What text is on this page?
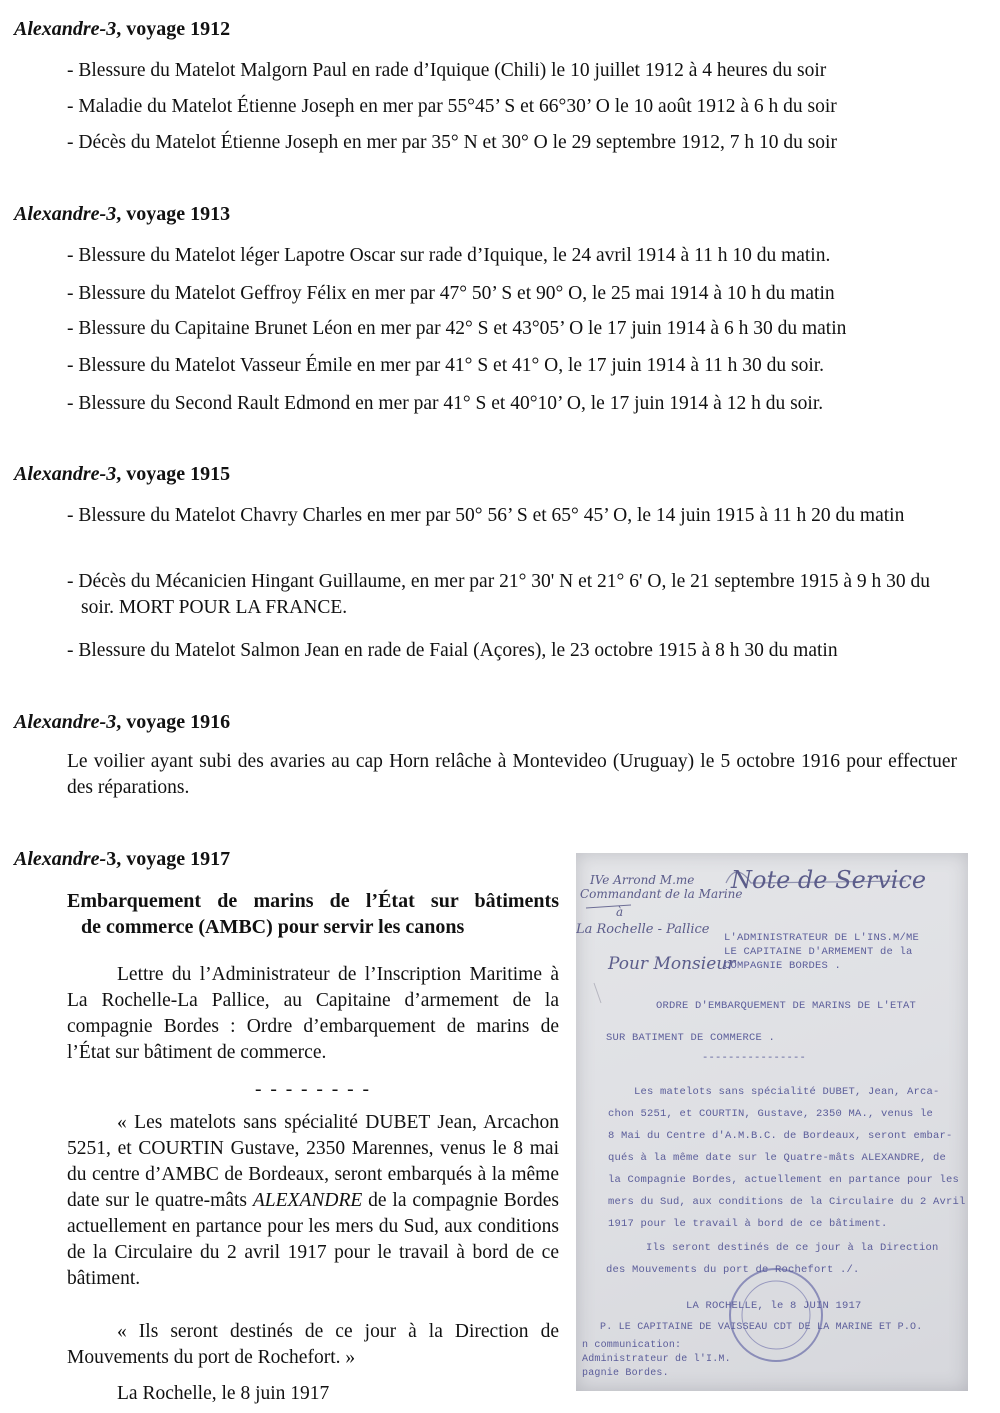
Alexandre-3, voyage 1912
- Blessure du Matelot Malgorn Paul en rade d’Iquique (Chili) le 10 juillet 1912 à 4 heures du soir
- Maladie du Matelot Étienne Joseph en mer par 55°45’ S et 66°30’ O le 10 août 1912 à 6 h du soir
- Décès du Matelot Étienne Joseph en mer par 35° N et 30° O le 29 septembre 1912, 7 h 10 du soir
Alexandre-3, voyage 1913
- Blessure du Matelot léger Lapotre Oscar sur rade d’Iquique, le 24 avril 1914 à 11 h 10 du matin.
- Blessure du Matelot Geffroy Félix en mer par 47° 50’ S et 90° O, le 25 mai 1914 à 10 h du matin
- Blessure du Capitaine Brunet Léon en mer par 42° S et 43°05’ O le 17 juin 1914 à 6 h 30 du matin
- Blessure du Matelot Vasseur Émile en mer par 41° S et 41° O, le 17 juin 1914 à 11 h 30 du soir.
- Blessure du Second Rault Edmond en mer par 41° S et 40°10’ O, le 17 juin 1914 à 12 h du soir.
Alexandre-3, voyage 1915
- Blessure du Matelot Chavry Charles en mer par 50° 56’ S et 65° 45’ O, le 14 juin 1915 à 11 h 20 du matin
- Décès du Mécanicien Hingant Guillaume, en mer par 21° 30' N et 21° 6' O, le 21 septembre 1915 à 9 h 30 du soir. MORT POUR LA FRANCE.
- Blessure du Matelot Salmon Jean en rade de Faial (Açores), le 23 octobre 1915 à 8 h 30 du matin
Alexandre-3, voyage 1916
Le voilier ayant subi des avaries au cap Horn relâche à Montevideo (Uruguay) le 5 octobre 1916 pour effectuer des réparations.
Alexandre-3, voyage 1917
Embarquement de marins de l’État sur bâtiments
de commerce (AMBC) pour servir les canons
Lettre du l’Administrateur de l’Inscription Maritime à La Rochelle-La Pallice, au Capitaine d’armement de la compagnie Bordes : Ordre d’embarquement de marins de l’État sur bâtiment de commerce.
- - - - - - - -
« Les matelots sans spécialité DUBET Jean, Arcachon 5251, et COURTIN Gustave, 2350 Marennes, venus le 8 mai du centre d’AMBC de Bordeaux, seront embarqués à la même date sur le quatre-mâts ALEXANDRE de la compagnie Bordes actuellement en partance pour les mers du Sud, aux conditions de la Circulaire du 2 avril 1917 pour le travail à bord de ce bâtiment.
« Ils seront destinés de ce jour à la Direction de Mouvements du port de Rochefort. »
La Rochelle, le 8 juin 1917
IVe Arrond M.me
Commandant de la Marine
à
La Rochelle - Pallice
Note de Service
Pour Monsieur
L'ADMINISTRATEUR DE L'INS.M/ME
LE CAPITAINE D'ARMEMENT de la
COMPAGNIE BORDES .
ORDRE D'EMBARQUEMENT DE MARINS DE L'ETAT
SUR BATIMENT DE COMMERCE .
----------------
Les matelots sans spécialité DUBET, Jean, Arca-
chon 5251, et COURTIN, Gustave, 2350 MA., venus le
8 Mai du Centre d'A.M.B.C. de Bordeaux, seront embar-
qués à la même date sur le Quatre-mâts ALEXANDRE, de
la Compagnie Bordes, actuellement en partance pour les
mers du Sud, aux conditions de la Circulaire du 2 Avril
1917 pour le travail à bord de ce bâtiment.
Ils seront destinés de ce jour à la Direction
des Mouvements du port de Rochefort ./.
LA ROCHELLE, le 8 JUIN 1917
P. LE CAPITAINE DE VAISSEAU CDT DE LA MARINE ET P.O.
n communication:
Administrateur de l'I.M.
pagnie Bordes.
